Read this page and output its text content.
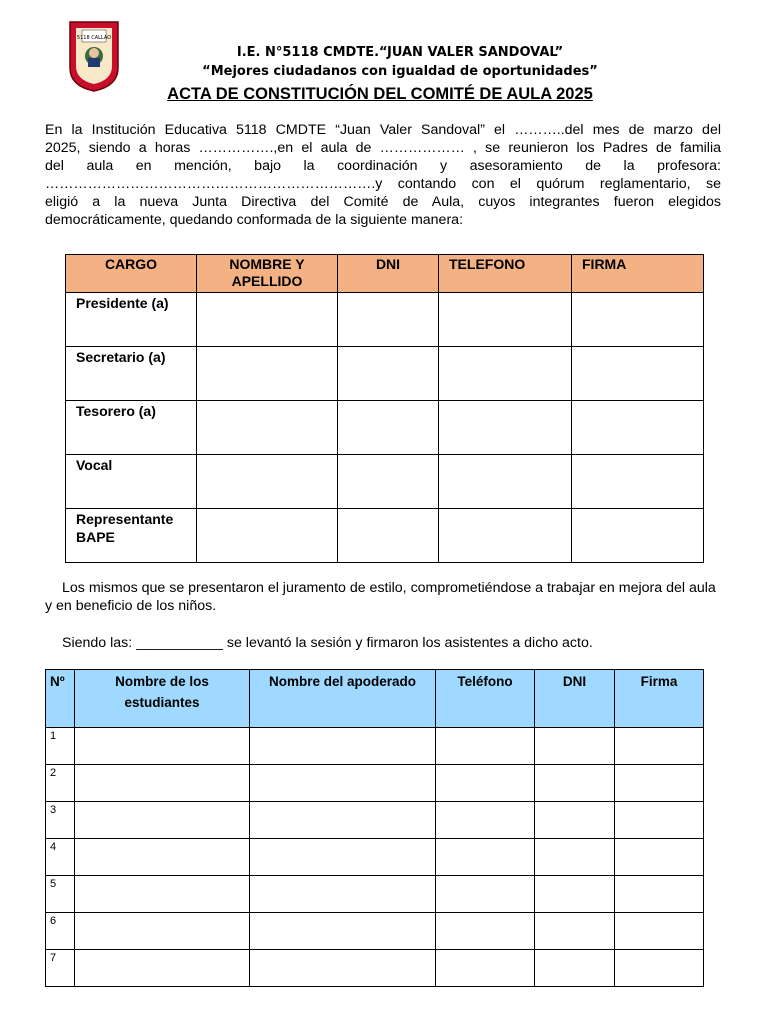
5118 CALLAO
I.E. N°5118 CMDTE.“JUAN VALER SANDOVAL”
“Mejores ciudadanos con igualdad de oportunidades”
ACTA DE CONSTITUCIÓN DEL COMITÉ DE AULA 2025

En la Institución Educativa 5118 CMDTE “Juan Valer Sandoval” el ………..del mes de marzo del
2025, siendo a horas …………….,en el aula de ……………… , se reunieron los Padres de familia
del aula en mención, bajo la coordinación y asesoramiento de la profesora:
…………………………………………………………….y contando con el quórum reglamentario, se
eligió a la nueva Junta Directiva del Comité de Aula, cuyos integrantes fueron elegidos
democráticamente, quedando conformada de la siguiente manera:

CARGO	NOMBRE Y APELLIDO	DNI	TELEFONO	FIRMA
Presidente (a)				
Secretario (a)				
Tesorero (a)				
Vocal				
Representante BAPE				

Los mismos que se presentaron el juramento de estilo, comprometiéndose a trabajar en mejora del aula y en beneficio de los niños.

Siendo las: ___________ se levantó la sesión y firmaron los asistentes a dicho acto.

Nº	Nombre de los estudiantes	Nombre del apoderado	Teléfono	DNI	Firma
1					
2					
3					
4					
5					
6					
7					
